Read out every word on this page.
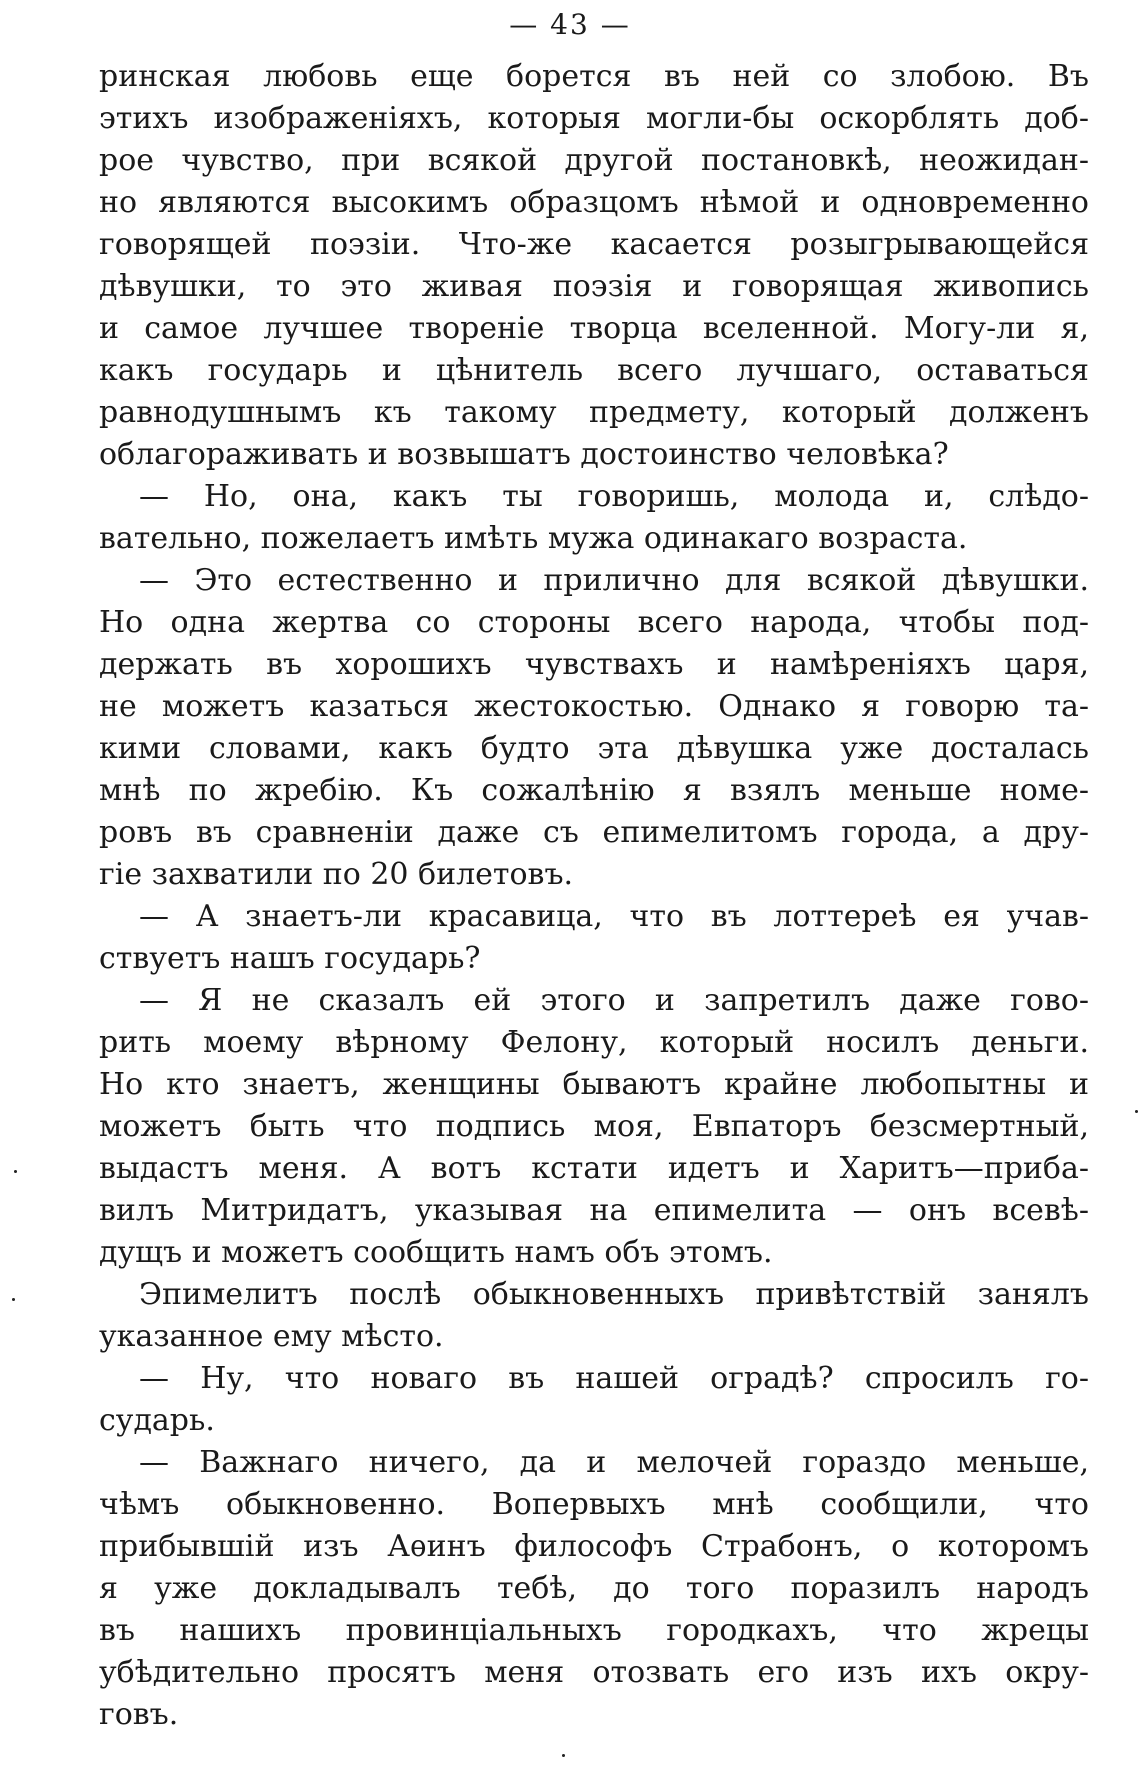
— 43 —
ринская любовь еще борется въ ней со злобою. Въ
этихъ изображеніяхъ, которыя могли-бы оскорблять доб-
рое чувство, при всякой другой постановкѣ, неожидан-
но являются высокимъ образцомъ нѣмой и одновременно
говорящей поэзіи. Что-же касается розыгрывающейся
дѣвушки, то это живая поэзія и говорящая живопись
и самое лучшее твореніе творца вселенной. Могу-ли я,
какъ государь и цѣнитель всего лучшаго, оставаться
равнодушнымъ къ такому предмету, который долженъ
облагораживать и возвышатъ достоинство человѣка?
— Но, она, какъ ты говоришь, молода и, слѣдо-
вательно, пожелаетъ имѣть мужа одинакаго возраста.
— Это естественно и прилично для всякой дѣвушки.
Но одна жертва со стороны всего народа, чтобы под-
держать въ хорошихъ чувствахъ и намѣреніяхъ царя,
не можетъ казаться жестокостью. Однако я говорю та-
кими словами, какъ будто эта дѣвушка уже досталась
мнѣ по жребію. Къ сожалѣнію я взялъ меньше номе-
ровъ въ сравненіи даже съ епимелитомъ города, а дру-
гіе захватили по 20 билетовъ.
— А знаетъ-ли красавица, что въ лоттереѣ ея учав-
ствуетъ нашъ государь?
— Я не сказалъ ей этого и запретилъ даже гово-
рить моему вѣрному Фелону, который носилъ деньги.
Но кто знаетъ, женщины бываютъ крайне любопытны и
можетъ быть что подпись моя, Евпаторъ безсмертный,
выдастъ меня. А вотъ кстати идетъ и Харитъ—прибa-
вилъ Митридатъ, указывая на епимелита — онъ всевѣ-
дущъ и можетъ сообщить намъ объ этомъ.
Эпимелитъ послѣ обыкновенныхъ привѣтствій занялъ
указанное ему мѣсто.
— Ну, что новаго въ нашей оградѣ? спросилъ го-
сударь.
— Важнаго ничего, да и мелочей гораздо меньше,
чѣмъ обыкновенно. Вопервыхъ мнѣ сообщили, что
прибывшій изъ Аѳинъ философъ Страбонъ, о которомъ
я уже докладывалъ тебѣ, до того поразилъ народъ
въ нашихъ провинціальныхъ городкахъ, что жрецы
убѣдительно просятъ меня отозвать его изъ ихъ окру-
говъ.
